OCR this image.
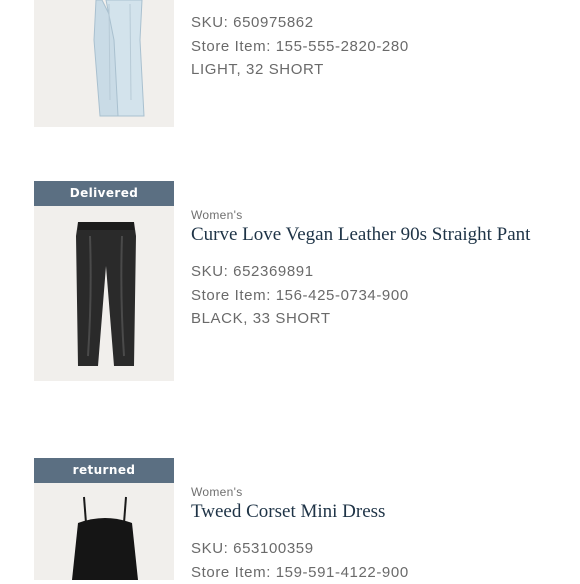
SKU: 650975862

Store Item: 155-555-2820-280

LIGHT, 32 SHORT

Delivered

Women's

Curve Love Vegan Leather 90s Straight Pant

SKU: 652369891

Store Item: 156-425-0734-900

BLACK, 33 SHORT

returned

Women's

Tweed Corset Mini Dress

SKU: 653100359

Store Item: 159-591-4122-900
